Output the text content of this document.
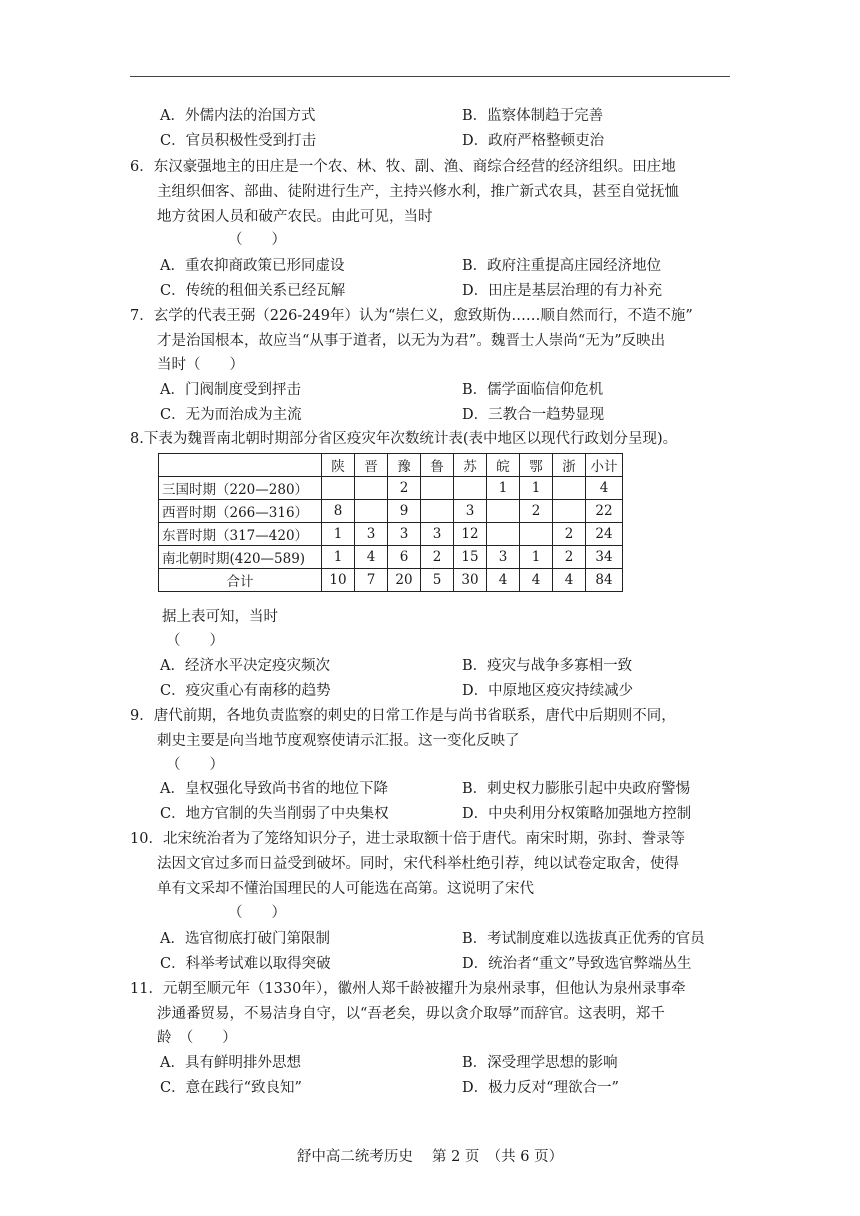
A．外儒内法的治国方式	B．监察体制趋于完善
C．官员积极性受到打击	D．政府严格整顿吏治
6．东汉豪强地主的田庄是一个农、林、牧、副、渔、商综合经营的经济组织。田庄地
主组织佃客、部曲、徒附进行生产，主持兴修水利，推广新式农具，甚至自觉抚恤
地方贫困人员和破产农民。由此可见，当时
（　　）
A．重农抑商政策已形同虚设	B．政府注重提高庄园经济地位
C．传统的租佃关系已经瓦解	D．田庄是基层治理的有力补充
7．玄学的代表王弼（226-249年）认为“崇仁义，愈致斯伪……顺自然而行，不造不施”
才是治国根本，故应当“从事于道者，以无为为君”。魏晋士人崇尚“无为”反映出
当时（　　）
A．门阀制度受到抨击	B．儒学面临信仰危机
C．无为而治成为主流	D．三教合一趋势显现
8.下表为魏晋南北朝时期部分省区疫灾年次数统计表(表中地区以现代行政划分呈现)。
	陕	晋	豫	鲁	苏	皖	鄂	浙	小计
三国时期（220—280）			2			1	1		4
西晋时期（266—316）	8		9		3		2		22
东晋时期（317—420）	1	3	3	3	12			2	24
南北朝时期(420—589)	1	4	6	2	15	3	1	2	34
合计	10	7	20	5	30	4	4	4	84
据上表可知，当时
（　　）
A．经济水平决定疫灾频次	B．疫灾与战争多寡相一致
C．疫灾重心有南移的趋势	D．中原地区疫灾持续减少
9．唐代前期，各地负责监察的刺史的日常工作是与尚书省联系，唐代中后期则不同，
刺史主要是向当地节度观察使请示汇报。这一变化反映了
（　　）
A．皇权强化导致尚书省的地位下降	B．刺史权力膨胀引起中央政府警惕
C．地方官制的失当削弱了中央集权	D．中央利用分权策略加强地方控制
10．北宋统治者为了笼络知识分子，进士录取额十倍于唐代。南宋时期，弥封、誊录等
法因文官过多而日益受到破坏。同时，宋代科举杜绝引荐，纯以试卷定取舍，使得
单有文采却不懂治国理民的人可能选在高第。这说明了宋代
（　　）
A．选官彻底打破门第限制	B．考试制度难以选拔真正优秀的官员
C．科举考试难以取得突破	D．统治者“重文”导致选官弊端丛生
11．元朝至顺元年（1330年），徽州人郑千龄被擢升为泉州录事，但他认为泉州录事牵
涉通番贸易，不易洁身自守，以“吾老矣，毋以贪介取辱”而辞官。这表明，郑千
龄　（　　）
A．具有鲜明排外思想	B．深受理学思想的影响
C．意在践行“致良知”	D．极力反对“理欲合一”
舒中高二统考历史　 第 2 页　（共 6 页）
